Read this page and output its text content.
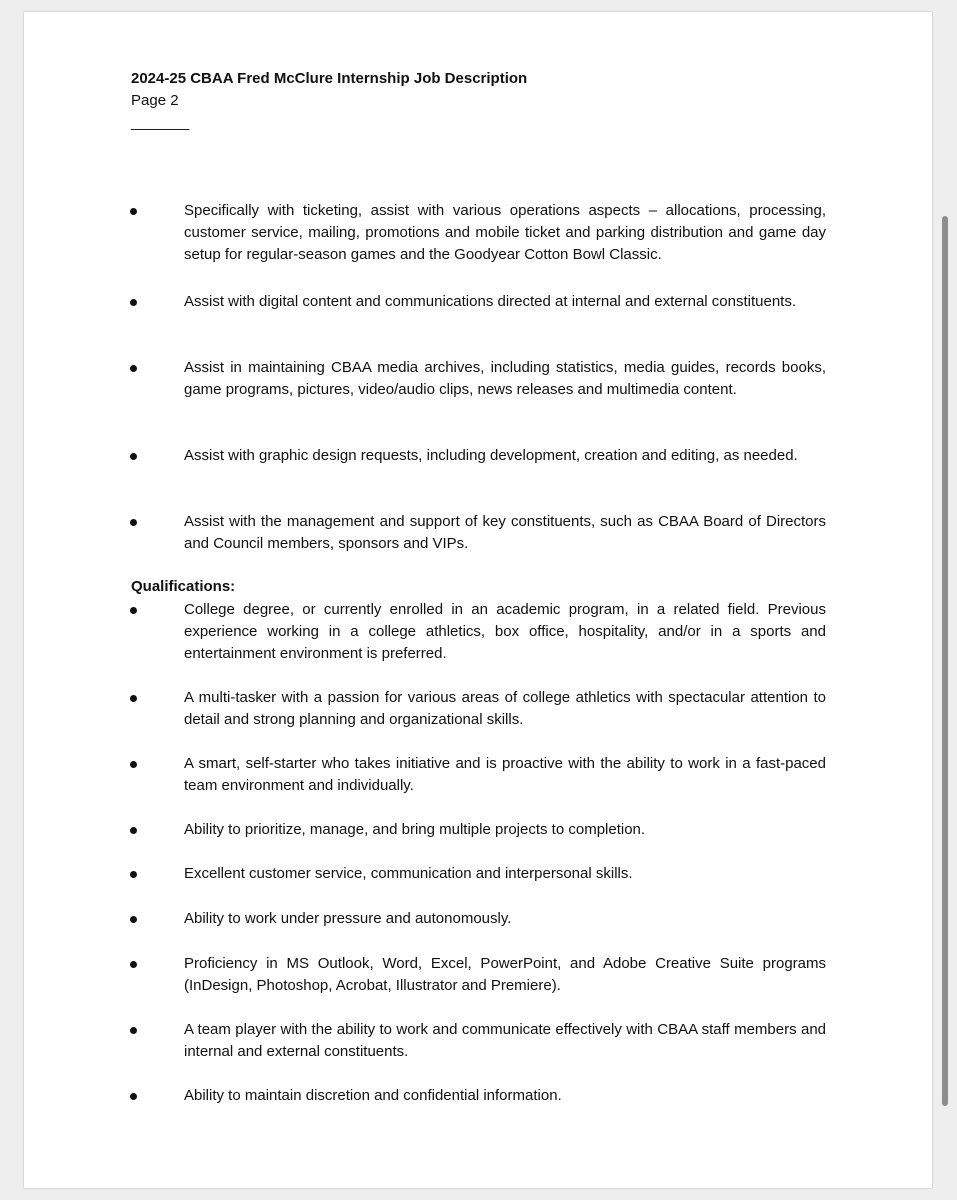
2024-25 CBAA Fred McClure Internship Job Description
Page 2
_______
Specifically with ticketing, assist with various operations aspects – allocations, processing, customer service, mailing, promotions and mobile ticket and parking distribution and game day setup for regular-season games and the Goodyear Cotton Bowl Classic.
Assist with digital content and communications directed at internal and external constituents.
Assist in maintaining CBAA media archives, including statistics, media guides, records books, game programs, pictures, video/audio clips, news releases and multimedia content.
Assist with graphic design requests, including development, creation and editing, as needed.
Assist with the management and support of key constituents, such as CBAA Board of Directors and Council members, sponsors and VIPs.
Qualifications:
College degree, or currently enrolled in an academic program, in a related field. Previous experience working in a college athletics, box office, hospitality, and/or in a sports and entertainment environment is preferred.
A multi-tasker with a passion for various areas of college athletics with spectacular attention to detail and strong planning and organizational skills.
A smart, self-starter who takes initiative and is proactive with the ability to work in a fast-paced team environment and individually.
Ability to prioritize, manage, and bring multiple projects to completion.
Excellent customer service, communication and interpersonal skills.
Ability to work under pressure and autonomously.
Proficiency in MS Outlook, Word, Excel, PowerPoint, and Adobe Creative Suite programs (InDesign, Photoshop, Acrobat, Illustrator and Premiere).
A team player with the ability to work and communicate effectively with CBAA staff members and internal and external constituents.
Ability to maintain discretion and confidential information.
